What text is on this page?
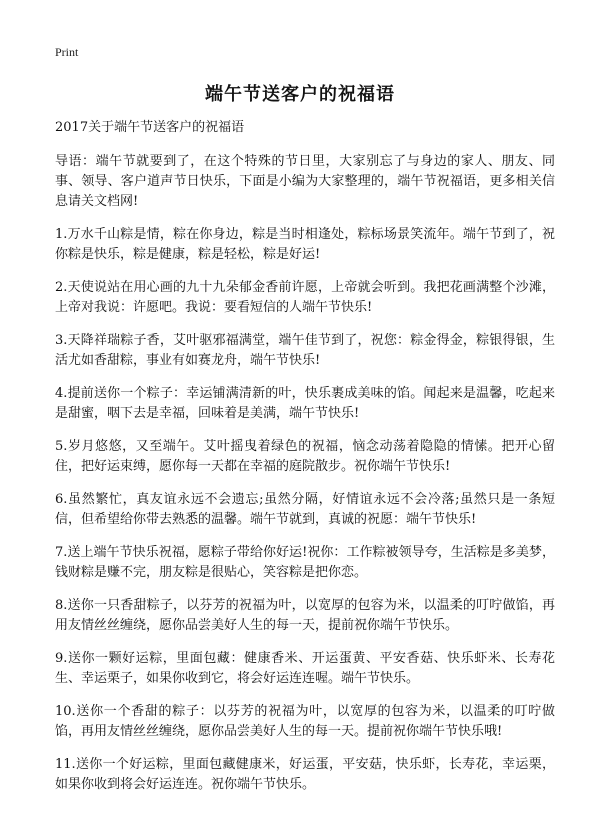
Print
端午节送客户的祝福语

2017关于端午节送客户的祝福语

导语：端午节就要到了，在这个特殊的节日里，大家别忘了与身边的家人、朋友、同事、领导、客户道声节日快乐，下面是小编为大家整理的，端午节祝福语，更多相关信息请关文档网!

1.万水千山粽是情，粽在你身边，粽是当时相逢处，粽标场景笑流年。端午节到了，祝你粽是快乐，粽是健康，粽是轻松，粽是好运!

2.天使说站在用心画的九十九朵郁金香前许愿，上帝就会听到。我把花画满整个沙滩，上帝对我说：许愿吧。我说：要看短信的人端午节快乐!

3.天降祥瑞粽子香，艾叶驱邪福满堂，端午佳节到了，祝您：粽金得金，粽银得银，生活尤如香甜粽，事业有如赛龙舟，端午节快乐!

4.提前送你一个粽子：幸运铺满清新的叶，快乐裹成美味的馅。闻起来是温馨，吃起来是甜蜜，咽下去是幸福，回味着是美满，端午节快乐!

5.岁月悠悠，又至端午。艾叶摇曳着绿色的祝福，恼念动荡着隐隐的情愫。把开心留住，把好运束缚，愿你每一天都在幸福的庭院散步。祝你端午节快乐!

6.虽然繁忙，真友谊永远不会遗忘;虽然分隔，好情谊永远不会冷落;虽然只是一条短信，但希望给你带去熟悉的温馨。端午节就到，真诚的祝愿：端午节快乐!

7.送上端午节快乐祝福，愿粽子带给你好运!祝你：工作粽被领导夸，生活粽是多美梦，钱财粽是赚不完，朋友粽是很贴心，笑容粽是把你恋。

8.送你一只香甜粽子，以芬芳的祝福为叶，以宽厚的包容为米，以温柔的叮咛做馅，再用友情丝丝缠绕，愿你品尝美好人生的每一天，提前祝你端午节快乐。

9.送你一颗好运粽，里面包藏：健康香米、开运蛋黄、平安香菇、快乐虾米、长寿花生、幸运栗子，如果你收到它，将会好运连连喔。端午节快乐。

10.送你一个香甜的粽子：以芬芳的祝福为叶，以宽厚的包容为米，以温柔的叮咛做馅，再用友情丝丝缠绕，愿你品尝美好人生的每一天。提前祝你端午节快乐哦!

11.送你一个好运粽，里面包藏健康米，好运蛋，平安菇，快乐虾，长寿花，幸运栗，如果你收到将会好运连连。祝你端午节快乐。
